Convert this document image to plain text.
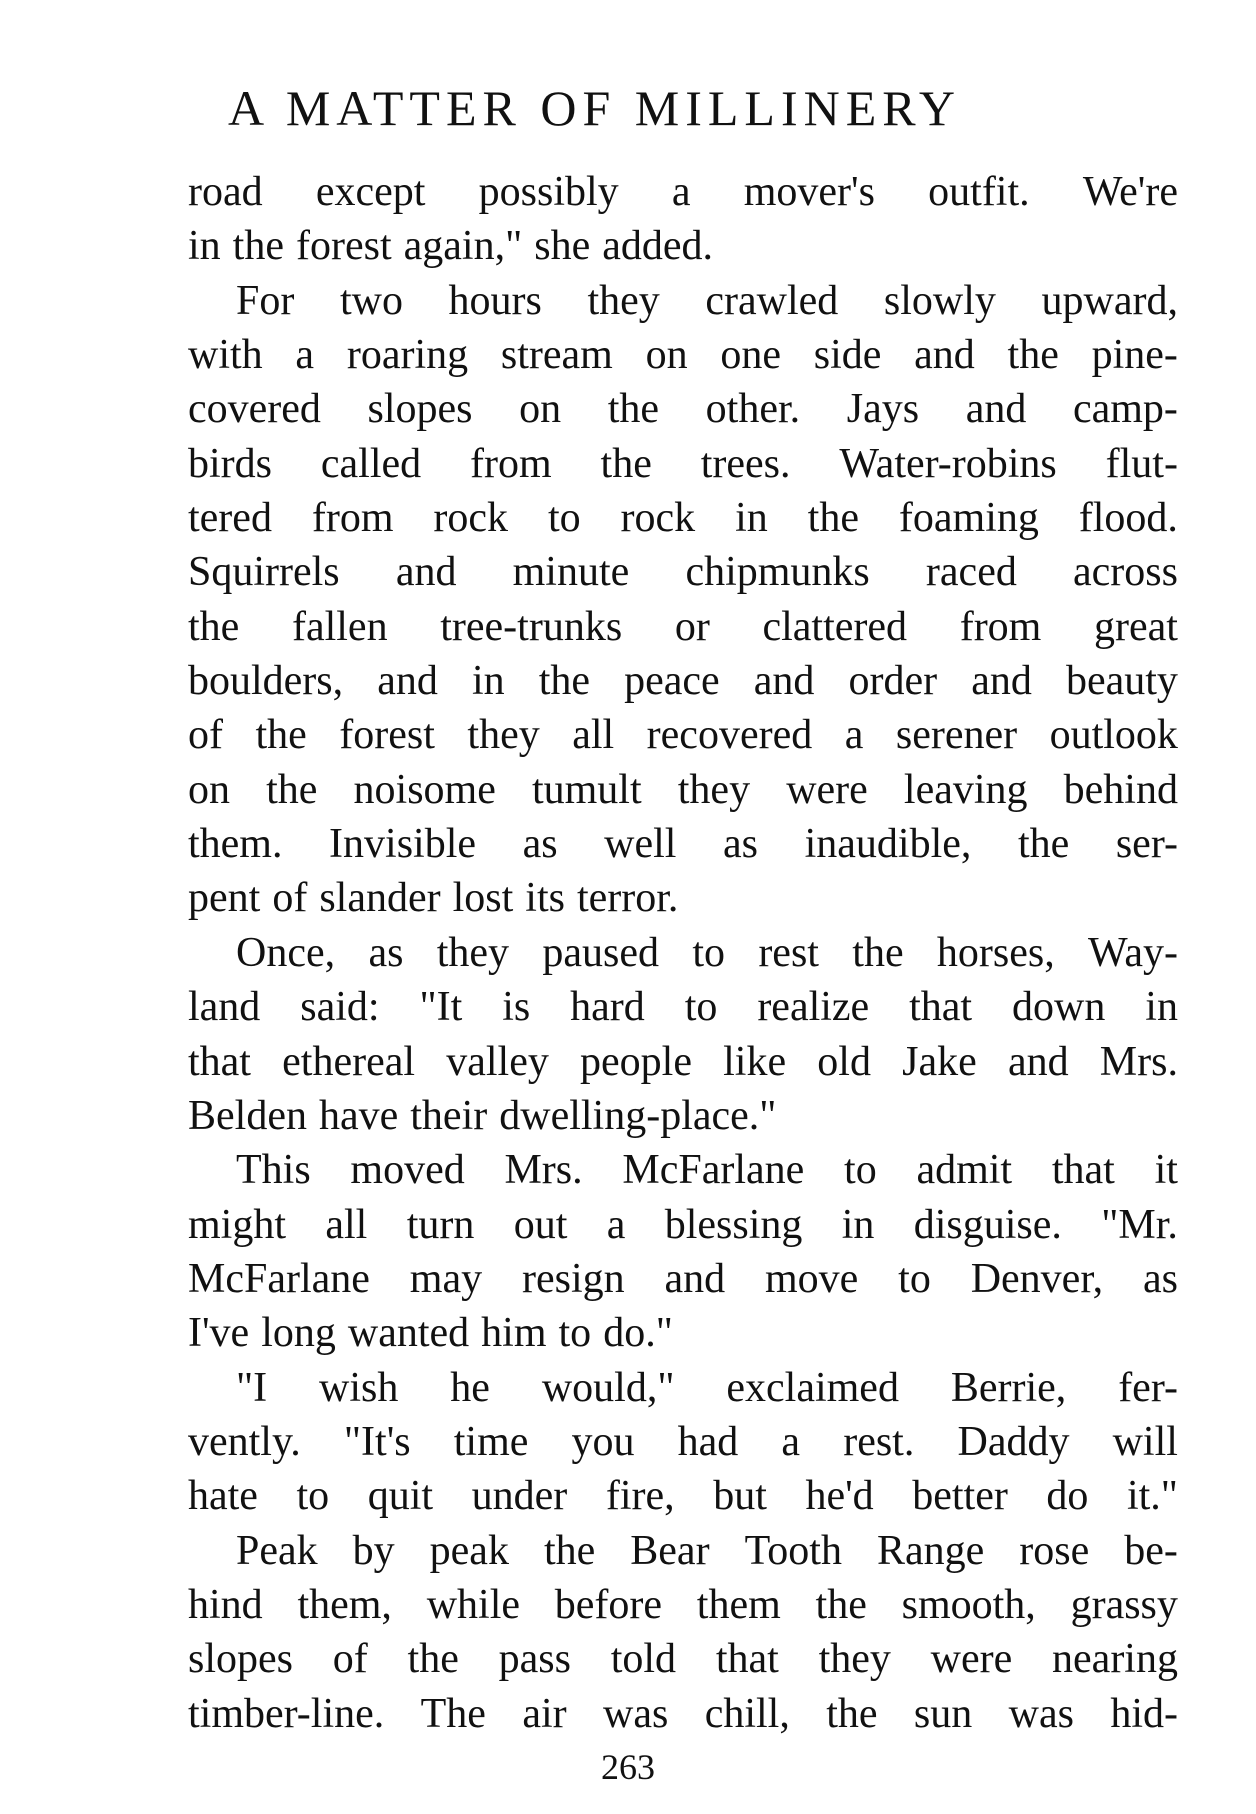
A MATTER OF MILLINERY
road except possibly a mover's outfit. We're
in the forest again," she added.
For two hours they crawled slowly upward,
with a roaring stream on one side and the pine-
covered slopes on the other. Jays and camp-
birds called from the trees. Water-robins flut-
tered from rock to rock in the foaming flood.
Squirrels and minute chipmunks raced across
the fallen tree-trunks or clattered from great
boulders, and in the peace and order and beauty
of the forest they all recovered a serener outlook
on the noisome tumult they were leaving behind
them. Invisible as well as inaudible, the ser-
pent of slander lost its terror.
Once, as they paused to rest the horses, Way-
land said: "It is hard to realize that down in
that ethereal valley people like old Jake and Mrs.
Belden have their dwelling-place."
This moved Mrs. McFarlane to admit that it
might all turn out a blessing in disguise. "Mr.
McFarlane may resign and move to Denver, as
I've long wanted him to do."
"I wish he would," exclaimed Berrie, fer-
vently. "It's time you had a rest. Daddy will
hate to quit under fire, but he'd better do it."
Peak by peak the Bear Tooth Range rose be-
hind them, while before them the smooth, grassy
slopes of the pass told that they were nearing
timber-line. The air was chill, the sun was hid-
263
